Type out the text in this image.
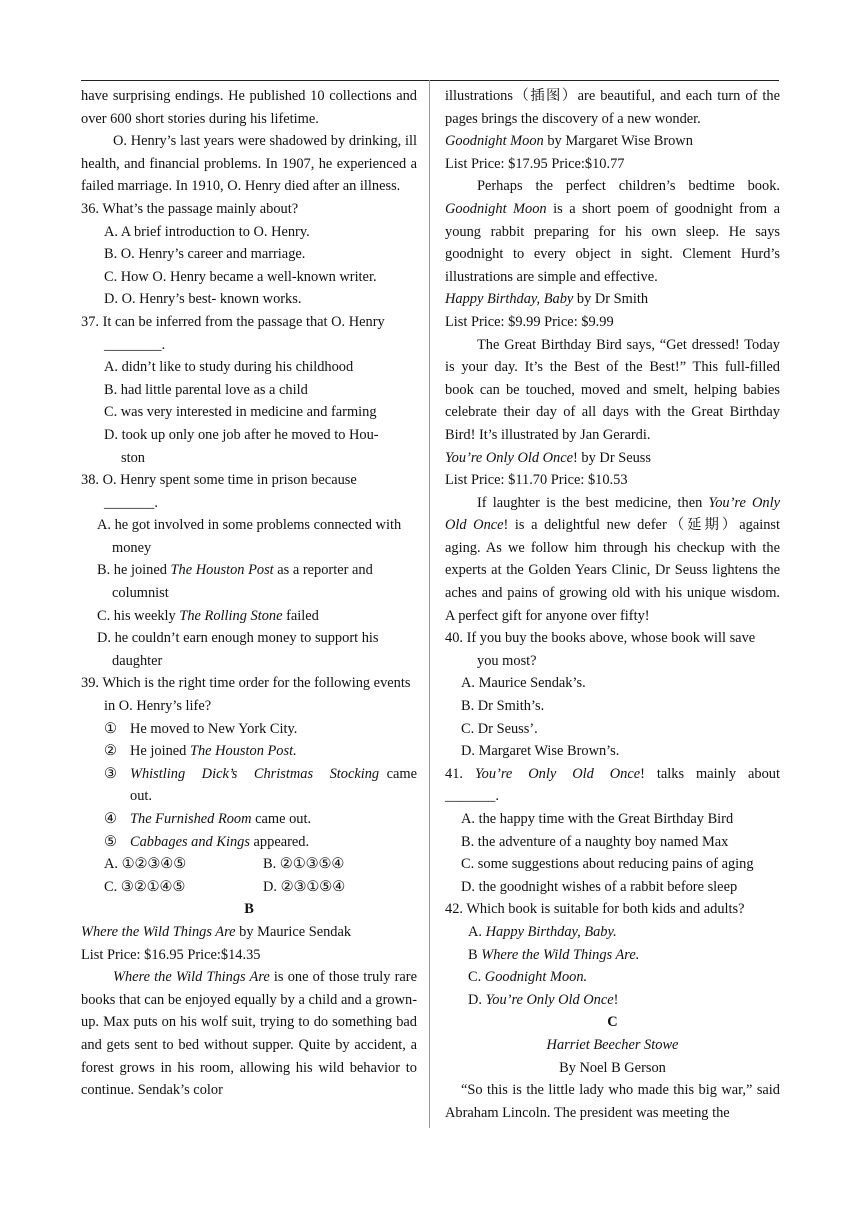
have surprising endings. He published 10 collections and over 600 short stories during his lifetime.

O. Henry’s last years were shadowed by drinking, ill health, and financial problems. In 1907, he experienced a failed marriage. In 1910, O. Henry died after an illness.

36. What’s the passage mainly about?
A. A brief introduction to O. Henry.
B. O. Henry’s career and marriage.
C. How O. Henry became a well-known writer.
D. O. Henry’s best- known works.
37. It can be inferred from the passage that O. Henry
________.
A. didn’t like to study during his childhood
B. had little parental love as a child
C. was very interested in medicine and farming
D. took up only one job after he moved to Hou-ston
38. O. Henry spent some time in prison because
_______.
A. he got involved in some problems connected with money
B. he joined The Houston Post as a reporter and columnist
C. his weekly The Rolling Stone failed
D. he couldn’t earn enough money to support his daughter
39. Which is the right time order for the following events in O. Henry’s life?
① He moved to New York City.
② He joined The Houston Post.
③ Whistling Dick’s Christmas Stocking came out.
④ The Furnished Room came out.
⑤ Cabbages and Kings appeared.
A. ①②③④⑤	B. ②①③⑤④
C. ③②①④⑤	D. ②③①⑤④
B
Where the Wild Things Are by Maurice Sendak
List Price: $16.95 Price:$14.35

Where the Wild Things Are is one of those truly rare books that can be enjoyed equally by a child and a grown-up. Max puts on his wolf suit, trying to do something bad and gets sent to bed without supper. Quite by accident, a forest grows in his room, allowing his wild behavior to continue. Sendak’s color

illustrations（插图）are beautiful, and each turn of the pages brings the discovery of a new wonder.

Goodnight Moon by Margaret Wise Brown
List Price: $17.95 Price:$10.77

Perhaps the perfect children’s bedtime book. Goodnight Moon is a short poem of goodnight from a young rabbit preparing for his own sleep. He says goodnight to every object in sight. Clement Hurd’s illustrations are simple and effective.

Happy Birthday, Baby by Dr Smith
List Price: $9.99 Price: $9.99

The Great Birthday Bird says, “Get dressed! Today is your day. It’s the Best of the Best!” This full-filled book can be touched, moved and smelt, helping babies celebrate their day of all days with the Great Birthday Bird! It’s illustrated by Jan Gerardi.

You’re Only Old Once! by Dr Seuss
List Price: $11.70 Price: $10.53

If laughter is the best medicine, then You’re Only Old Once! is a delightful new defer（延期）against aging. As we follow him through his checkup with the experts at the Golden Years Clinic, Dr Seuss lightens the aches and pains of growing old with his unique wisdom. A perfect gift for anyone over fifty!

40. If you buy the books above, whose book will save you most?
A. Maurice Sendak’s.
B. Dr Smith’s.
C. Dr Seuss’.
D. Margaret Wise Brown’s.
41. You’re Only Old Once! talks mainly about _______.
A. the happy time with the Great Birthday Bird
B. the adventure of a naughty boy named Max
C. some suggestions about reducing pains of aging
D. the goodnight wishes of a rabbit before sleep
42. Which book is suitable for both kids and adults?
A. Happy Birthday, Baby.
B Where the Wild Things Are.
C. Goodnight Moon.
D. You’re Only Old Once!
C
Harriet Beecher Stowe
By Noel B Gerson

“So this is the little lady who made this big war,” said Abraham Lincoln. The president was meeting the
